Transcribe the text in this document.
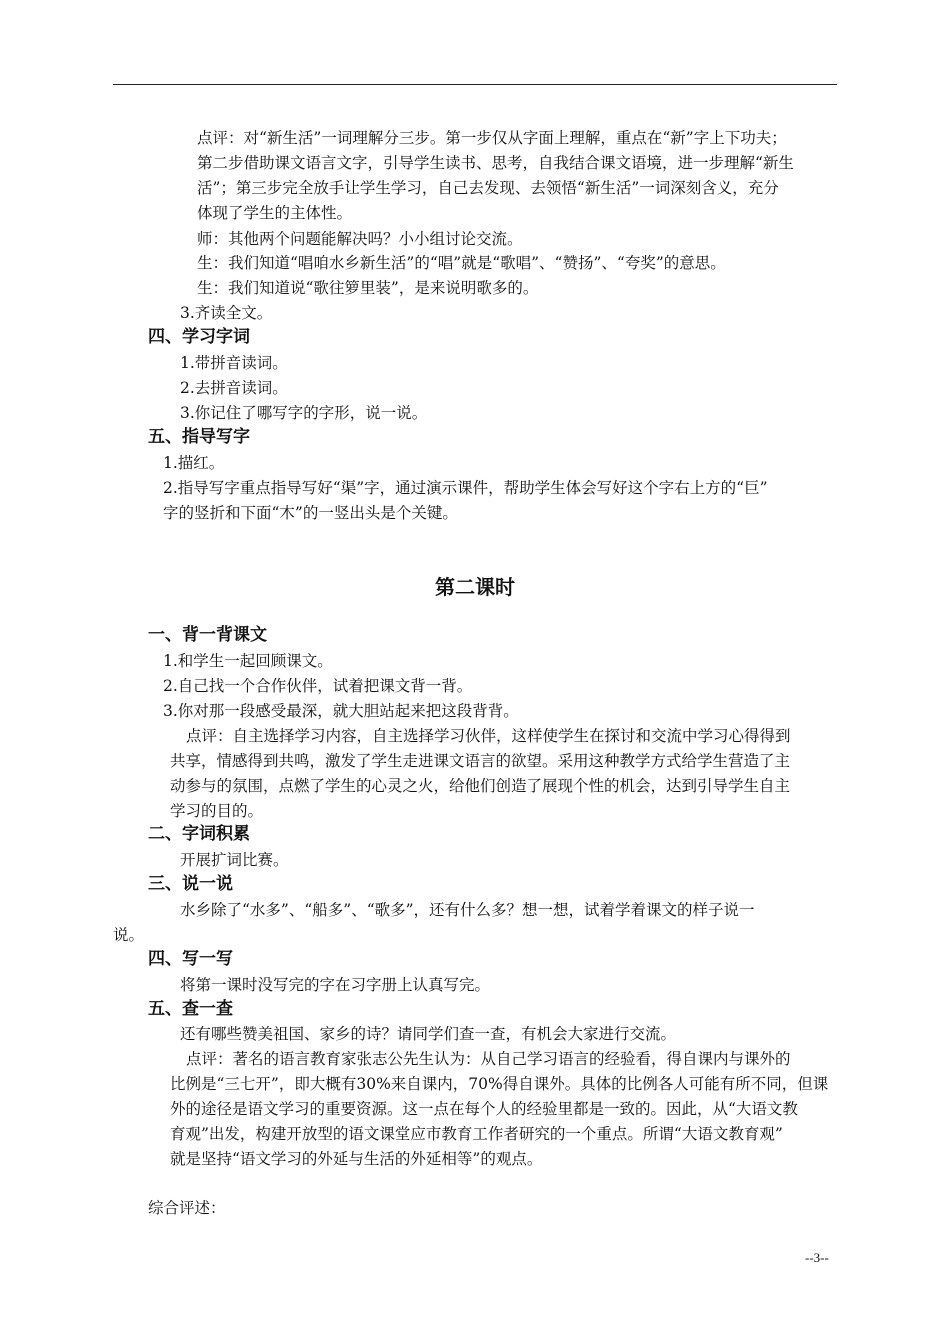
点评：对“新生活”一词理解分三步。第一步仅从字面上理解，重点在“新”字上下功夫；
第二步借助课文语言文字，引导学生读书、思考，自我结合课文语境，进一步理解“新生
活”；第三步完全放手让学生学习，自己去发现、去领悟“新生活”一词深刻含义，充分
体现了学生的主体性。
师：其他两个问题能解决吗？小小组讨论交流。
生：我们知道“唱咱水乡新生活”的“唱”就是“歌唱”、“赞扬”、“夸奖”的意思。
生：我们知道说“歌往箩里装”，是来说明歌多的。
3.齐读全文。
四、学习字词
1.带拼音读词。
2.去拼音读词。
3.你记住了哪写字的字形，说一说。
五、指导写字
1.描红。
2.指导写字重点指导写好“渠”字，通过演示课件，帮助学生体会写好这个字右上方的“巨”
字的竖折和下面“木”的一竖出头是个关键。
第二课时
一、背一背课文
1.和学生一起回顾课文。
2.自己找一个合作伙伴，试着把课文背一背。
3.你对那一段感受最深，就大胆站起来把这段背背。
点评：自主选择学习内容，自主选择学习伙伴，这样使学生在探讨和交流中学习心得得到
共享，情感得到共鸣，激发了学生走进课文语言的欲望。采用这种教学方式给学生营造了主
动参与的氛围，点燃了学生的心灵之火，给他们创造了展现个性的机会，达到引导学生自主
学习的目的。
二、字词积累
开展扩词比赛。
三、说一说
水乡除了“水多”、“船多”、“歌多”，还有什么多？想一想，试着学着课文的样子说一
说。
四、写一写
将第一课时没写完的字在习字册上认真写完。
五、查一查
还有哪些赞美祖国、家乡的诗？请同学们查一查，有机会大家进行交流。
点评：著名的语言教育家张志公先生认为：从自己学习语言的经验看，得自课内与课外的
比例是“三七开”，即大概有30%来自课内，70%得自课外。具体的比例各人可能有所不同，但课
外的途径是语文学习的重要资源。这一点在每个人的经验里都是一致的。因此，从“大语文教
育观”出发，构建开放型的语文课堂应市教育工作者研究的一个重点。所谓“大语文教育观”
就是坚持“语文学习的外延与生活的外延相等”的观点。
综合评述：
--3--
